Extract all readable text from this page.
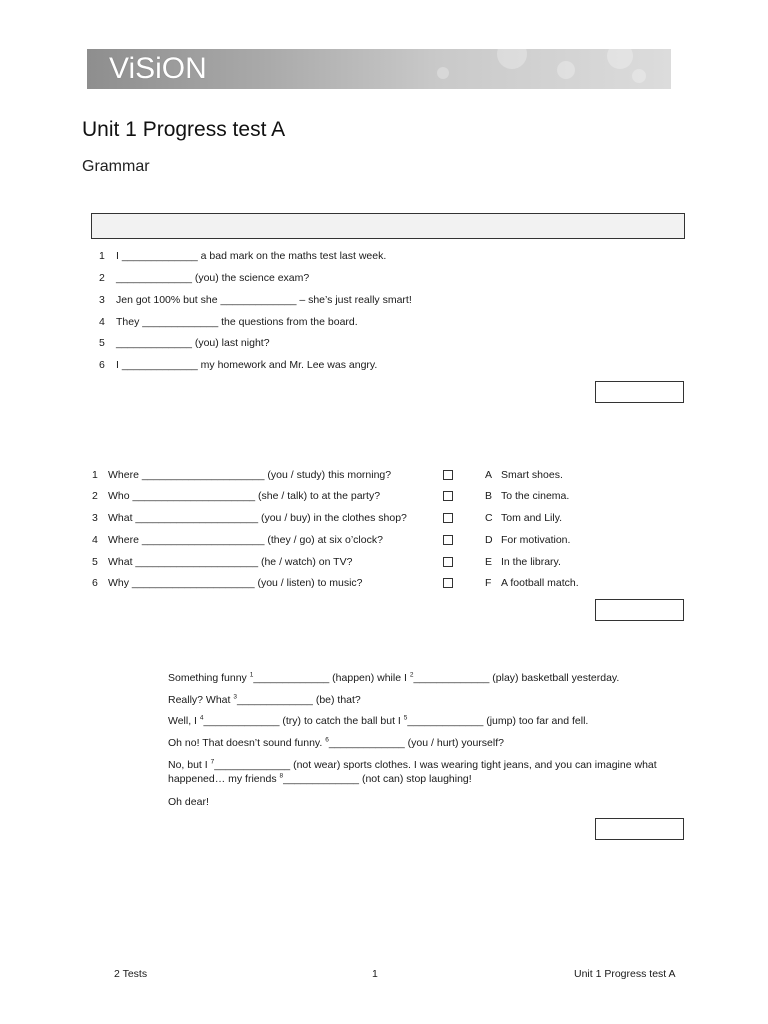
ViSiON
Unit 1 Progress test A
Grammar
1 I _____________ a bad mark on the maths test last week.
2 _____________ (you) the science exam?
3 Jen got 100% but she _____________ – she’s just really smart!
4 They _____________ the questions from the board.
5 _____________ (you) last night?
6 I _____________ my homework and Mr. Lee was angry.
1 Where _____________________ (you / study) this morning?
2 Who _____________________ (she / talk) to at the party?
3 What _____________________ (you / buy) in the clothes shop?
4 Where _____________________ (they / go) at six o’clock?
5 What _____________________ (he / watch) on TV?
6 Why _____________________ (you / listen) to music?
A Smart shoes.
B To the cinema.
C Tom and Lily.
D For motivation.
E In the library.
F A football match.
Something funny $^1$_____________ (happen) while I $^2$_____________ (play) basketball yesterday.
Really? What $^3$_____________ (be) that?
Well, I $^4$_____________ (try) to catch the ball but I $^5$_____________ (jump) too far and fell.
Oh no! That doesn’t sound funny. $^6$_____________ (you / hurt) yourself?
No, but I $^7$_____________ (not wear) sports clothes. I was wearing tight jeans, and you can imagine what
happened… my friends $^8$_____________ (not can) stop laughing!
Oh dear!
2 Tests	1	Unit 1 Progress test A
